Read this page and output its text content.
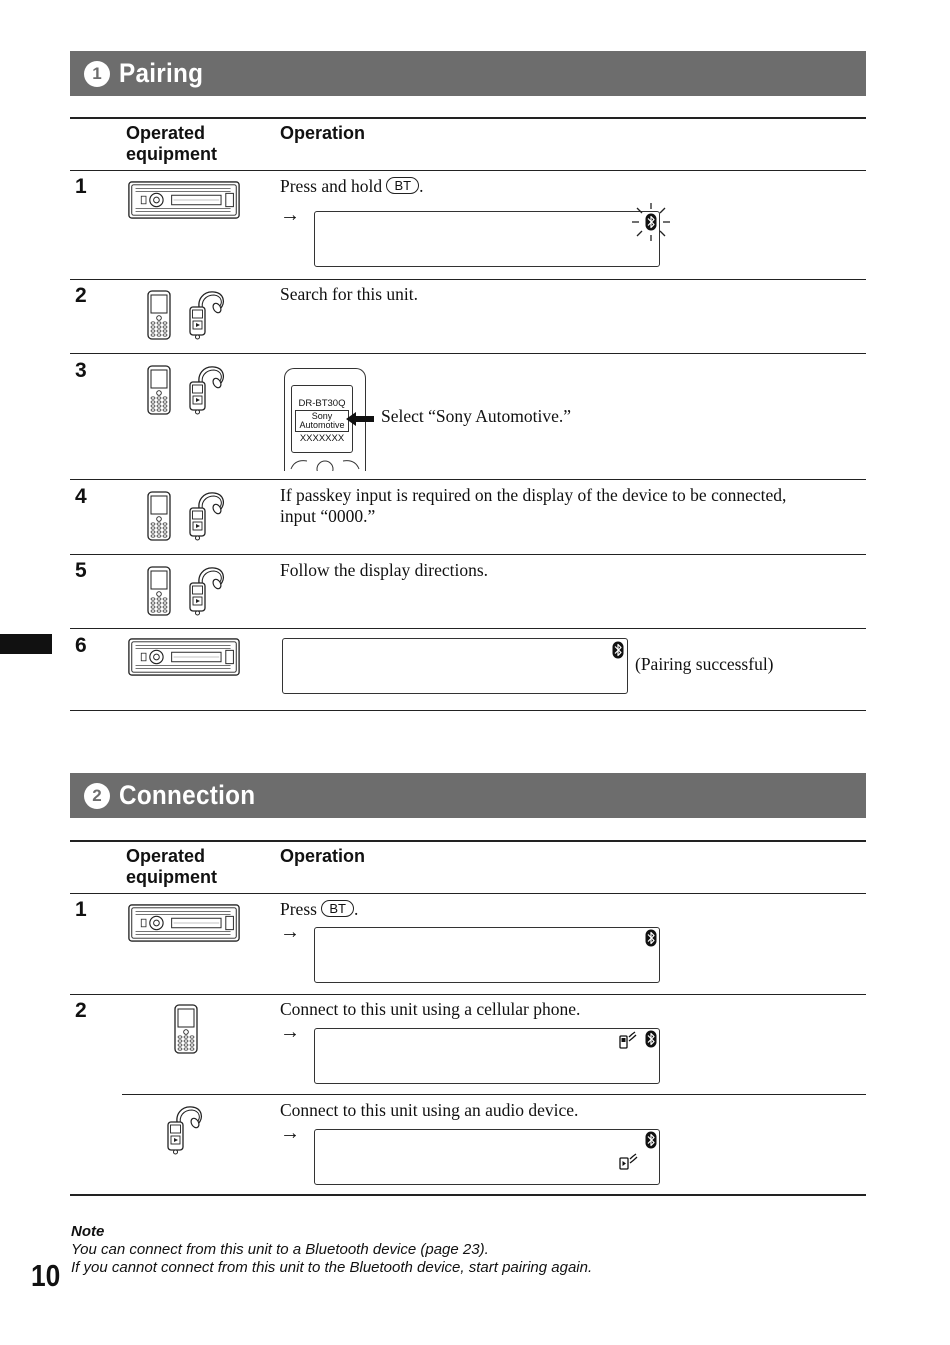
1 Pairing
Operated
equipment
Operation
1	Press and hold BT .
→
2	Search for this unit.
3
DR-BT30Q
Sony
Automotive
XXXXXXX
Select “Sony Automotive.”
4	If passkey input is required on the display of the device to be connected,
input “0000.”
5	Follow the display directions.
6
(Pairing successful)
2 Connection
Operated
equipment
Operation
1	Press BT .
→
2	Connect to this unit using a cellular phone.
→
Connect to this unit using an audio device.
→
Note
You can connect from this unit to a Bluetooth device (page 23).
If you cannot connect from this unit to the Bluetooth device, start pairing again.
10
